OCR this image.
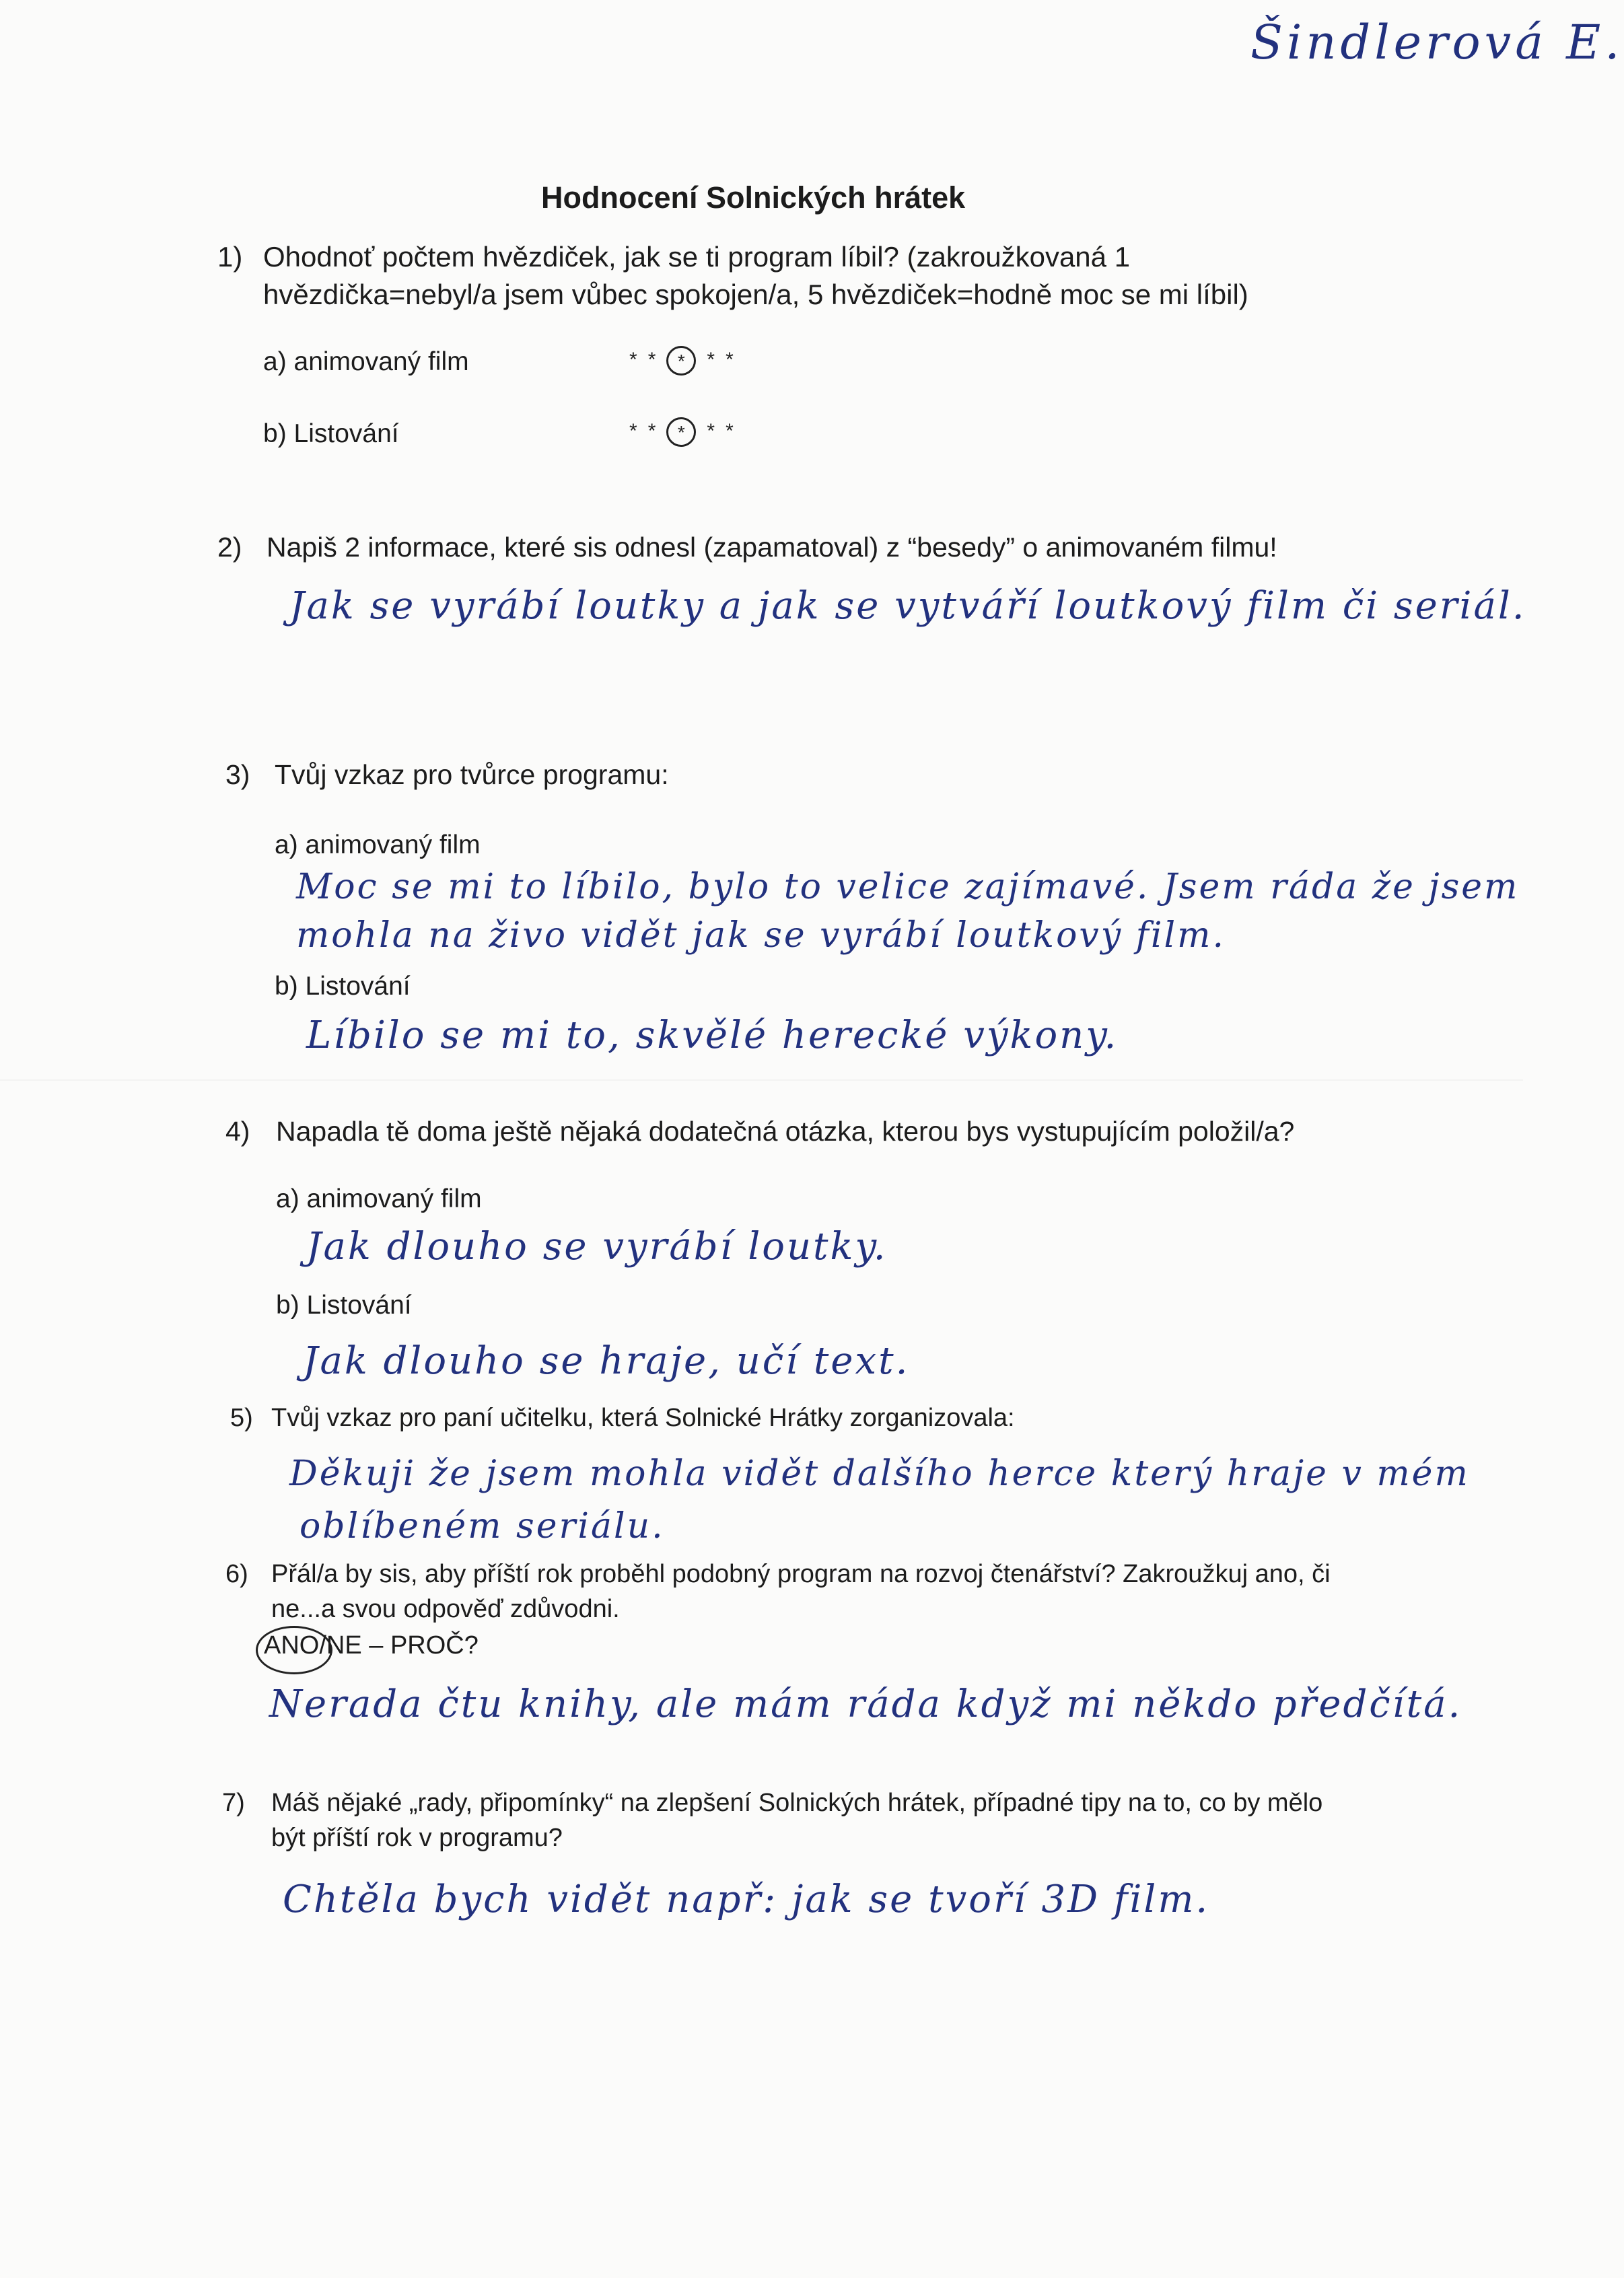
Šindlerová E.
Hodnocení Solnických hrátek
1) Ohodnoť počtem hvězdiček, jak se ti program líbil? (zakroužkovaná 1
hvězdička=nebyl/a jsem vůbec spokojen/a, 5 hvězdiček=hodně moc se mi líbil)
a) animovaný film	** * **
b) Listování	** * **
2) Napiš 2 informace, které sis odnesl (zapamatoval) z “besedy” o animovaném filmu!
Jak se vyrábí loutky a jak se vytváří loutkový film či seriál.
3) Tvůj vzkaz pro tvůrce programu:
a) animovaný film
Moc se mi to líbilo, bylo to velice zajímavé. Jsem ráda že jsem
mohla na živo vidět jak se vyrábí loutkový film.
b) Listování
Líbilo se mi to, skvělé herecké výkony.
4) Napadla tě doma ještě nějaká dodatečná otázka, kterou bys vystupujícím položil/a?
a) animovaný film
Jak dlouho se vyrábí loutky.
b) Listování
Jak dlouho se hraje, učí text.
5) Tvůj vzkaz pro paní učitelku, která Solnické Hrátky zorganizovala:
Děkuji že jsem mohla vidět dalšího herce který hraje v mém
oblíbeném seriálu.
6) Přál/a by sis, aby příští rok proběhl podobný program na rozvoj čtenářství? Zakroužkuj ano, či
ne...a svou odpověď zdůvodni.
ANO/NE – PROČ?
Nerada čtu knihy, ale mám ráda když mi někdo předčítá.
7) Máš nějaké „rady, připomínky“ na zlepšení Solnických hrátek, případné tipy na to, co by mělo
být příští rok v programu?
Chtěla bych vidět např: jak se tvoří 3D film.
